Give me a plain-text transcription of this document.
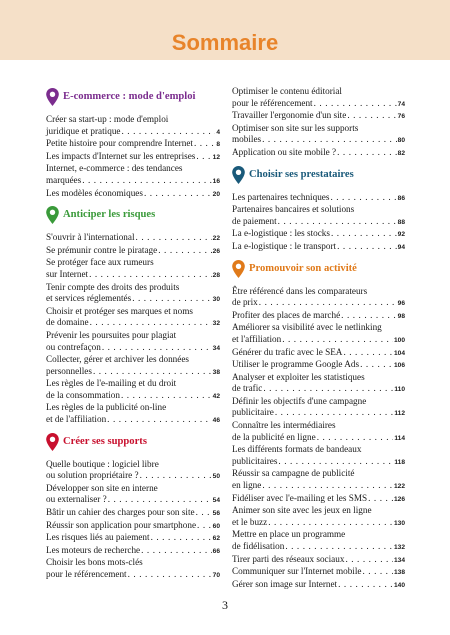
Sommaire
E-commerce : mode d'emploi
Créer sa start-up : mode d'emploi
juridique et pratique . . .	4
Petite histoire pour comprendre Internet . . .	8
Les impacts d'Internet sur les entreprises . . .	12
Internet, e-commerce : des tendances
marquées . . .	16
Les modèles économiques . . .	20
Anticiper les risques
S'ouvrir à l'international . . .	22
Se prémunir contre le piratage . . .	26
Se protéger face aux rumeurs
sur Internet . . .	28
Tenir compte des droits des produits
et services réglementés . . .	30
Choisir et protéger ses marques et noms
de domaine . . .	32
Prévenir les poursuites pour plagiat
ou contrefaçon . . .	34
Collecter, gérer et archiver les données
personnelles . . .	38
Les règles de l'e-mailing et du droit
de la consommation . . .	42
Les règles de la publicité on-line
et de l'affiliation . . .	46
Créer ses supports
Quelle boutique : logiciel libre
ou solution propriétaire ? . . .	50
Développer son site en interne
ou externaliser ? . . .	54
Bâtir un cahier des charges pour son site . . .	56
Réussir son application pour smartphone . . .	60
Les risques liés au paiement . . .	62
Les moteurs de recherche . . .	66
Choisir les bons mots-clés
pour le référencement . . .	70
Optimiser le contenu éditorial
pour le référencement . . .	74
Travailler l'ergonomie d'un site . . .	76
Optimiser son site sur les supports
mobiles . . .	80
Application ou site mobile ? . . .	82
Choisir ses prestataires
Les partenaires techniques . . .	86
Partenaires bancaires et solutions
de paiement . . .	88
La e-logistique : les stocks . . .	92
La e-logistique : le transport . . .	94
Promouvoir son activité
Être référencé dans les comparateurs
de prix . . .	96
Profiter des places de marché . . .	98
Améliorer sa visibilité avec le netlinking
et l'affiliation . . .	100
Générer du trafic avec le SEA . . .	104
Utiliser le programme Google Ads . . .	106
Analyser et exploiter les statistiques
de trafic . . .	110
Définir les objectifs d'une campagne
publicitaire . . .	112
Connaître les intermédiaires
de la publicité en ligne . . .	114
Les différents formats de bandeaux
publicitaires . . .	118
Réussir sa campagne de publicité
en ligne . . .	122
Fidéliser avec l'e-mailing et les SMS . . .	126
Animer son site avec les jeux en ligne
et le buzz . . .	130
Mettre en place un programme
de fidélisation . . .	132
Tirer parti des réseaux sociaux . . .	134
Communiquer sur l'Internet mobile . . .	138
Gérer son image sur Internet . . .	140
3
